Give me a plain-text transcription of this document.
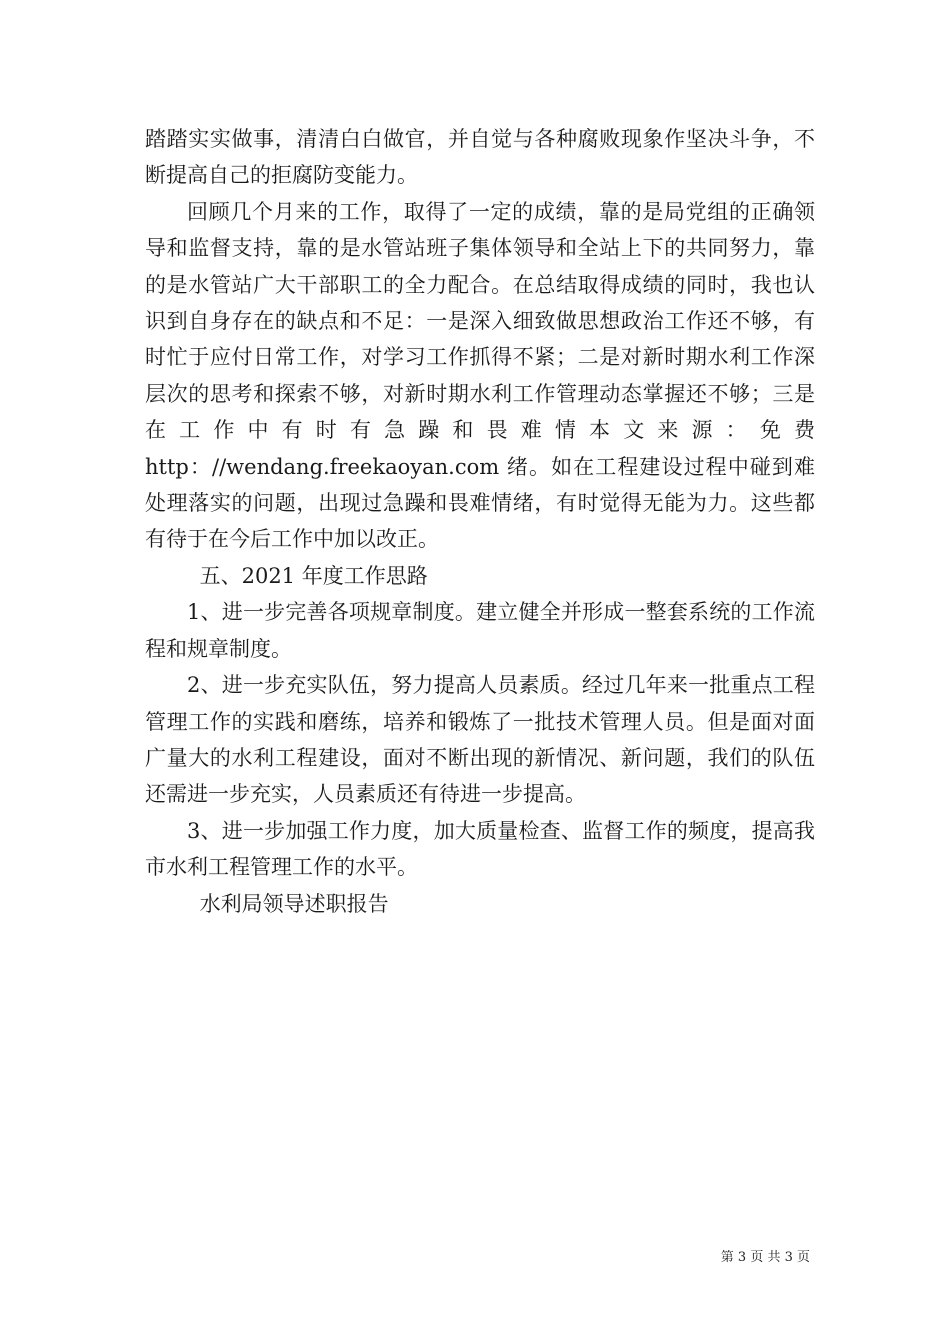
踏踏实实做事，清清白白做官，并自觉与各种腐败现象作坚决斗争，不断提高自己的拒腐防变能力。

回顾几个月来的工作，取得了一定的成绩，靠的是局党组的正确领导和监督支持，靠的是水管站班子集体领导和全站上下的共同努力，靠的是水管站广大干部职工的全力配合。在总结取得成绩的同时，我也认识到自身存在的缺点和不足：一是深入细致做思想政治工作还不够，有时忙于应付日常工作，对学习工作抓得不紧；二是对新时期水利工作深层次的思考和探索不够，对新时期水利工作管理动态掌握还不够；三是在工作中有时有急躁和畏难情本文来源：免费 http：//wendang.freekaoyan.com 绪。如在工程建设过程中碰到难处理落实的问题，出现过急躁和畏难情绪，有时觉得无能为力。这些都有待于在今后工作中加以改正。

五、2021 年度工作思路

1、进一步完善各项规章制度。建立健全并形成一整套系统的工作流程和规章制度。

2、进一步充实队伍，努力提高人员素质。经过几年来一批重点工程管理工作的实践和磨练，培养和锻炼了一批技术管理人员。但是面对面广量大的水利工程建设，面对不断出现的新情况、新问题，我们的队伍还需进一步充实，人员素质还有待进一步提高。

3、进一步加强工作力度，加大质量检查、监督工作的频度，提高我市水利工程管理工作的水平。

水利局领导述职报告

第 3 页 共 3 页
